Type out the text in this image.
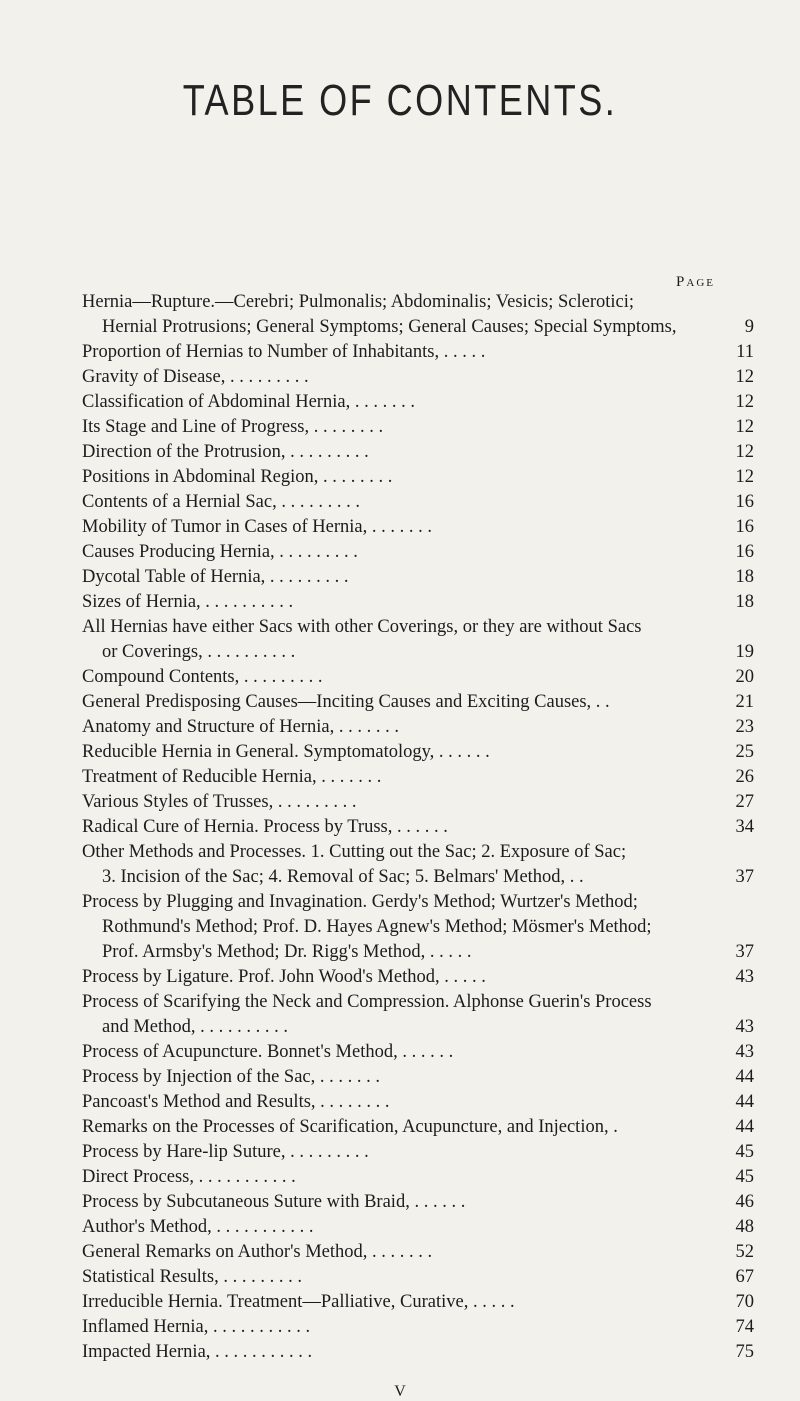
TABLE OF CONTENTS.
Page
Hernia—Rupture.—Cerebri; Pulmonalis; Abdominalis; Vesicis; Sclerotici;
Hernial Protrusions; General Symptoms; General Causes; Special Symptoms,	9
Proportion of Hernias to Number of Inhabitants, . . . . .	11
Gravity of Disease, . . . . . . . . .	12
Classification of Abdominal Hernia, . . . . . . .	12
Its Stage and Line of Progress, . . . . . . . .	12
Direction of the Protrusion, . . . . . . . . .	12
Positions in Abdominal Region, . . . . . . . .	12
Contents of a Hernial Sac, . . . . . . . . .	16
Mobility of Tumor in Cases of Hernia, . . . . . . .	16
Causes Producing Hernia, . . . . . . . . .	16
Dycotal Table of Hernia, . . . . . . . . .	18
Sizes of Hernia, . . . . . . . . . .	18
All Hernias have either Sacs with other Coverings, or they are without Sacs
or Coverings, . . . . . . . . . .	19
Compound Contents, . . . . . . . . .	20
General Predisposing Causes—Inciting Causes and Exciting Causes, . .	21
Anatomy and Structure of Hernia, . . . . . . .	23
Reducible Hernia in General. Symptomatology, . . . . . .	25
Treatment of Reducible Hernia, . . . . . . .	26
Various Styles of Trusses, . . . . . . . . .	27
Radical Cure of Hernia. Process by Truss, . . . . . .	34
Other Methods and Processes. 1. Cutting out the Sac; 2. Exposure of Sac;
3. Incision of the Sac; 4. Removal of Sac; 5. Belmars' Method, . .	37
Process by Plugging and Invagination. Gerdy's Method; Wurtzer's Method;
Rothmund's Method; Prof. D. Hayes Agnew's Method; Mösmer's Method;
Prof. Armsby's Method; Dr. Rigg's Method, . . . . .	37
Process by Ligature. Prof. John Wood's Method, . . . . .	43
Process of Scarifying the Neck and Compression. Alphonse Guerin's Process
and Method, . . . . . . . . . .	43
Process of Acupuncture. Bonnet's Method, . . . . . .	43
Process by Injection of the Sac, . . . . . . .	44
Pancoast's Method and Results, . . . . . . . .	44
Remarks on the Processes of Scarification, Acupuncture, and Injection, .	44
Process by Hare-lip Suture, . . . . . . . . .	45
Direct Process, . . . . . . . . . . .	45
Process by Subcutaneous Suture with Braid, . . . . . .	46
Author's Method, . . . . . . . . . . .	48
General Remarks on Author's Method, . . . . . . .	52
Statistical Results, . . . . . . . . .	67
Irreducible Hernia. Treatment—Palliative, Curative, . . . . .	70
Inflamed Hernia, . . . . . . . . . . .	74
Impacted Hernia, . . . . . . . . . . .	75
V
